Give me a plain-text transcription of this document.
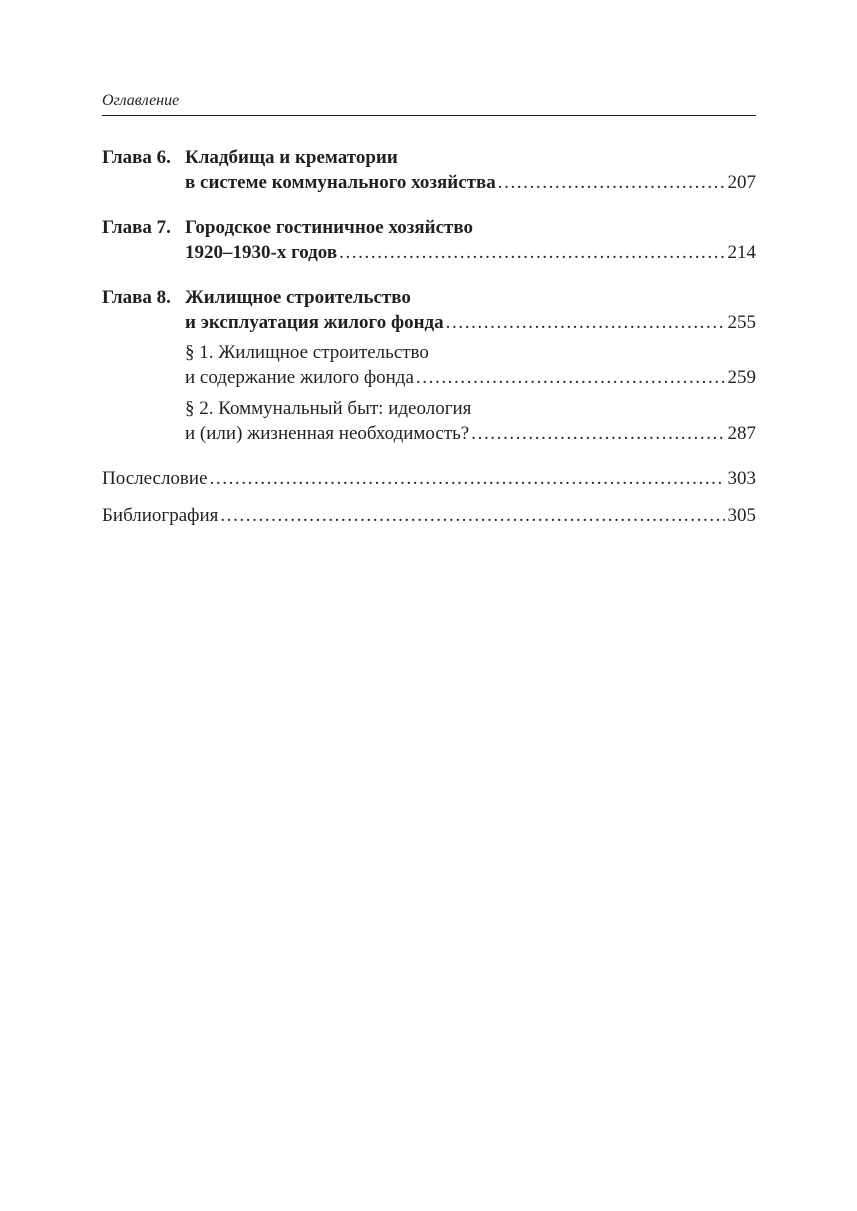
Оглавление
Глава 6. Кладбища и крематории
в системе коммунального хозяйства .....	207
Глава 7. Городское гостиничное хозяйство
1920–1930-х годов .....	214
Глава 8. Жилищное строительство
и эксплуатация жилого фонда .....	255
§ 1. Жилищное строительство
и содержание жилого фонда .....	259
§ 2. Коммунальный быт: идеология
и (или) жизненная необходимость? .....	287
Послесловие .....	303
Библиография .....	305
